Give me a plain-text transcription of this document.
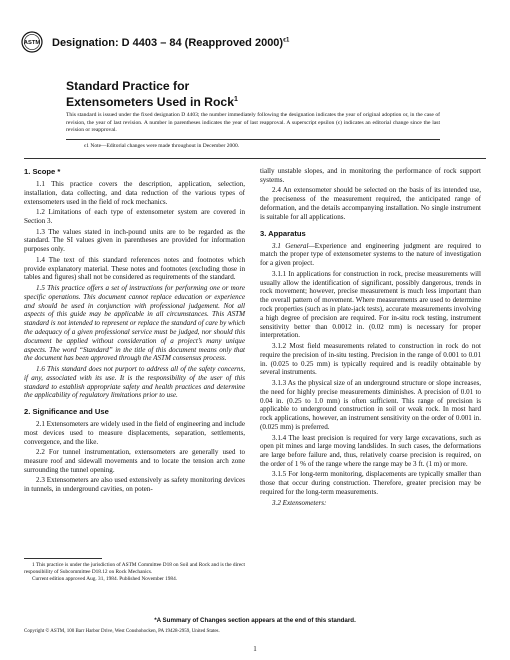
ASTM Designation: D 4403 – 84 (Reapproved 2000)$^{\epsilon 1}$
Standard Practice for
Extensometers Used in Rock$^1$
This standard is issued under the fixed designation D 4403; the number immediately following the designation indicates the year of original adoption or, in the case of revision, the year of last revision. A number in parentheses indicates the year of last reapproval. A superscript epsilon (ϵ) indicates an editorial change since the last revision or reapproval.
ϵ1 Note—Editorial changes were made throughout in December 2000.
1. Scope *

1.1 This practice covers the description, application, selection, installation, data collecting, and data reduction of the various types of extensometers used in the field of rock mechanics.

1.2 Limitations of each type of extensometer system are covered in Section 3.

1.3 The values stated in inch-pound units are to be regarded as the standard. The SI values given in parentheses are provided for information purposes only.

1.4 The text of this standard references notes and footnotes which provide explanatory material. These notes and footnotes (excluding those in tables and figures) shall not be considered as requirements of the standard.

1.5 This practice offers a set of instructions for performing one or more specific operations. This document cannot replace education or experience and should be used in conjunction with professional judgement. Not all aspects of this guide may be applicable in all circumstances. This ASTM standard is not intended to represent or replace the standard of care by which the adequacy of a given professional service must be judged, nor should this document be applied without consideration of a project’s many unique aspects. The word “Standard” in the title of this document means only that the document has been approved through the ASTM consensus process.

1.6 This standard does not purport to address all of the safety concerns, if any, associated with its use. It is the responsibility of the user of this standard to establish appropriate safety and health practices and determine the applicability of regulatory limitations prior to use.

2. Significance and Use

2.1 Extensometers are widely used in the field of engineering and include most devices used to measure displacements, separation, settlements, convergence, and the like.

2.2 For tunnel instrumentation, extensometers are generally used to measure roof and sidewall movements and to locate the tension arch zone surrounding the tunnel opening.

2.3 Extensometers are also used extensively as safety monitoring devices in tunnels, in underground cavities, on poten-

tially unstable slopes, and in monitoring the performance of rock support systems.

2.4 An extensometer should be selected on the basis of its intended use, the preciseness of the measurement required, the anticipated range of deformation, and the details accompanying installation. No single instrument is suitable for all applications.

3. Apparatus

3.1 General—Experience and engineering judgment are required to match the proper type of extensometer systems to the nature of investigation for a given project.

3.1.1 In applications for construction in rock, precise measurements will usually allow the identification of significant, possibly dangerous, trends in rock movement; however, precise measurement is much less important than the overall pattern of movement. Where measurements are used to determine rock properties (such as in plate-jack tests), accurate measurements involving a high degree of precision are required. For in-situ rock testing, instrument sensitivity better than 0.0012 in. (0.02 mm) is necessary for proper interpretation.

3.1.2 Most field measurements related to construction in rock do not require the precision of in-situ testing. Precision in the range of 0.001 to 0.01 in. (0.025 to 0.25 mm) is typically required and is readily obtainable by several instruments.

3.1.3 As the physical size of an underground structure or slope increases, the need for highly precise measurements diminishes. A precision of 0.01 to 0.04 in. (0.25 to 1.0 mm) is often sufficient. This range of precision is applicable to underground construction in soil or weak rock. In most hard rock applications, however, an instrument sensitivity on the order of 0.001 in. (0.025 mm) is preferred.

3.1.4 The least precision is required for very large excavations, such as open pit mines and large moving landslides. In such cases, the deformations are large before failure and, thus, relatively coarse precision is required, on the order of 1 % of the range where the range may be 3 ft. (1 m) or more.

3.1.5 For long-term monitoring, displacements are typically smaller than those that occur during construction. Therefore, greater precision may be required for the long-term measurements.

3.2 Extensometers:

1 This practice is under the jurisdiction of ASTM Committee D18 on Soil and Rock and is the direct responsibility of Subcommittee D18.12 on Rock Mechanics.

Current edition approved Aug. 31, 1984. Published November 1984.

*A Summary of Changes section appears at the end of this standard.
Copyright © ASTM, 100 Barr Harbor Drive, West Conshohocken, PA 19428-2959, United States.
1
